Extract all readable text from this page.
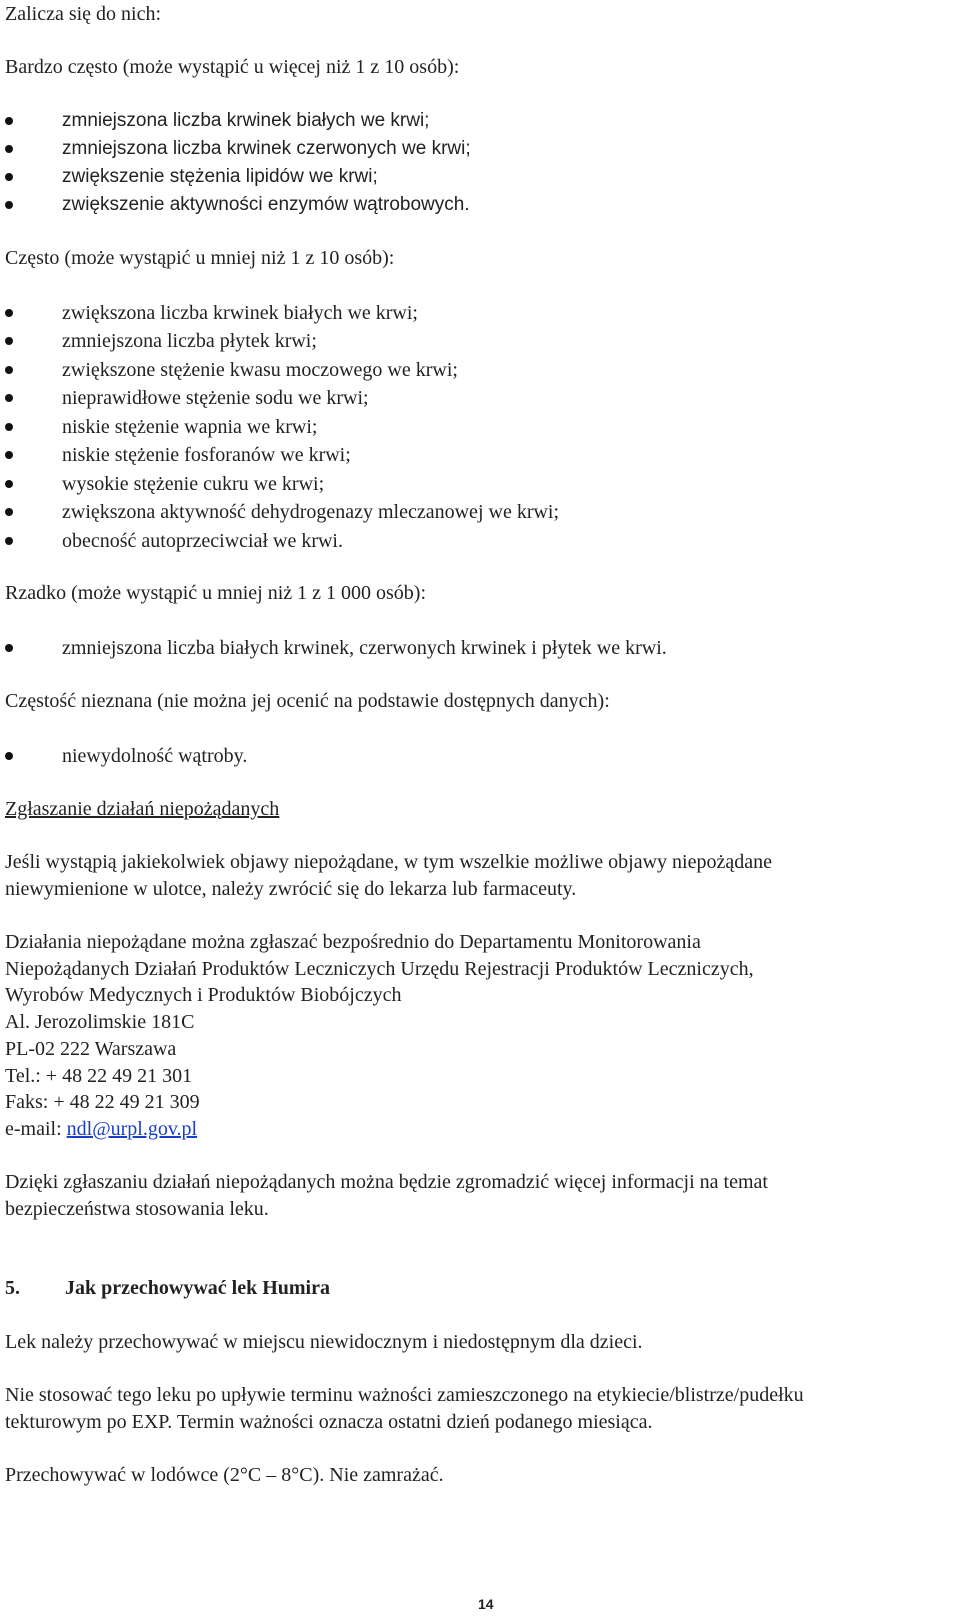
Zalicza się do nich:
Bardzo często (może wystąpić u więcej niż 1 z 10 osób):
zmniejszona liczba krwinek białych we krwi;
zmniejszona liczba krwinek czerwonych we krwi;
zwiększenie stężenia lipidów we krwi;
zwiększenie aktywności enzymów wątrobowych.
Często (może wystąpić u mniej niż 1 z 10 osób):
zwiększona liczba krwinek białych we krwi;
zmniejszona liczba płytek krwi;
zwiększone stężenie kwasu moczowego we krwi;
nieprawidłowe stężenie sodu we krwi;
niskie stężenie wapnia we krwi;
niskie stężenie fosforanów we krwi;
wysokie stężenie cukru we krwi;
zwiększona aktywność dehydrogenazy mleczanowej we krwi;
obecność autoprzeciwciał we krwi.
Rzadko (może wystąpić u mniej niż 1 z 1 000 osób):
zmniejszona liczba białych krwinek, czerwonych krwinek i płytek we krwi.
Częstość nieznana (nie można jej ocenić na podstawie dostępnych danych):
niewydolność wątroby.
Zgłaszanie działań niepożądanych
Jeśli wystąpią jakiekolwiek objawy niepożądane, w tym wszelkie możliwe objawy niepożądane
niewymienione w ulotce, należy zwrócić się do lekarza lub farmaceuty.
Działania niepożądane można zgłaszać bezpośrednio do Departamentu Monitorowania
Niepożądanych Działań Produktów Leczniczych Urzędu Rejestracji Produktów Leczniczych,
Wyrobów Medycznych i Produktów Biobójczych
Al. Jerozolimskie 181C
PL-02 222 Warszawa
Tel.: + 48 22 49 21 301
Faks: + 48 22 49 21 309
e-mail: ndl@urpl.gov.pl
Dzięki zgłaszaniu działań niepożądanych można będzie zgromadzić więcej informacji na temat
bezpieczeństwa stosowania leku.
5. Jak przechowywać lek Humira
Lek należy przechowywać w miejscu niewidocznym i niedostępnym dla dzieci.
Nie stosować tego leku po upływie terminu ważności zamieszczonego na etykiecie/blistrze/pudełku
tekturowym po EXP. Termin ważności oznacza ostatni dzień podanego miesiąca.
Przechowywać w lodówce (2°C – 8°C). Nie zamrażać.
14
